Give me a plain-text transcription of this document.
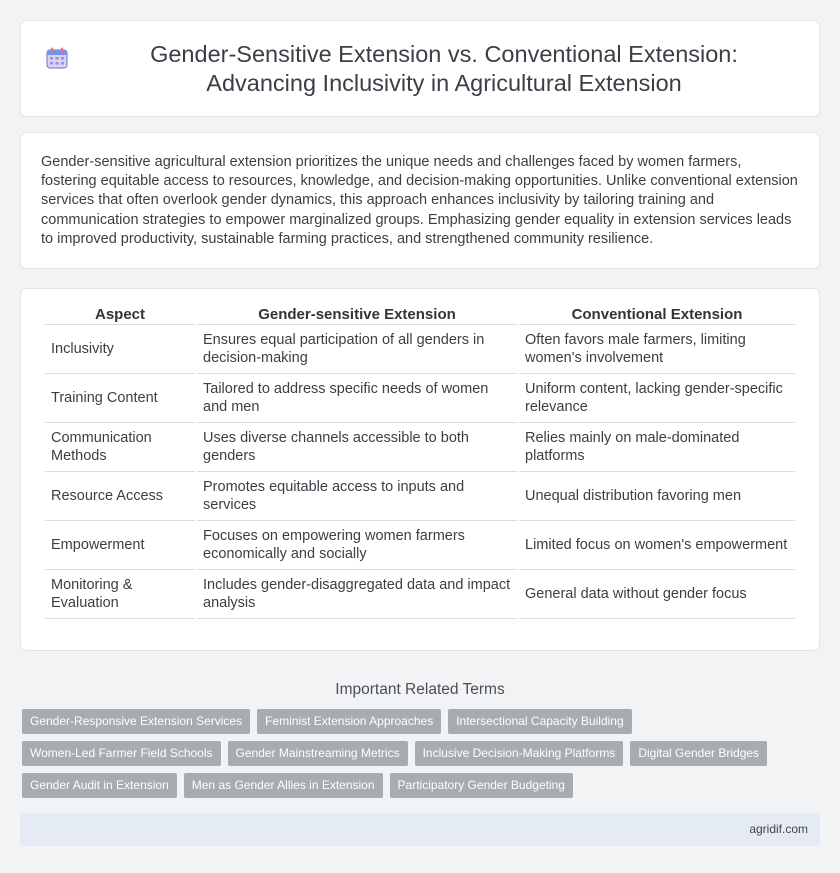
Gender-Sensitive Extension vs. Conventional Extension: Advancing Inclusivity in Agricultural Extension

Gender-sensitive agricultural extension prioritizes the unique needs and challenges faced by women farmers, fostering equitable access to resources, knowledge, and decision-making opportunities. Unlike conventional extension services that often overlook gender dynamics, this approach enhances inclusivity by tailoring training and communication strategies to empower marginalized groups. Emphasizing gender equality in extension services leads to improved productivity, sustainable farming practices, and strengthened community resilience.

Aspect	Gender-sensitive Extension	Conventional Extension
Inclusivity	Ensures equal participation of all genders in decision-making	Often favors male farmers, limiting women's involvement
Training Content	Tailored to address specific needs of women and men	Uniform content, lacking gender-specific relevance
Communication Methods	Uses diverse channels accessible to both genders	Relies mainly on male-dominated platforms
Resource Access	Promotes equitable access to inputs and services	Unequal distribution favoring men
Empowerment	Focuses on empowering women farmers economically and socially	Limited focus on women's empowerment
Monitoring & Evaluation	Includes gender-disaggregated data and impact analysis	General data without gender focus
Important Related Terms
Gender-Responsive Extension Services	Feminist Extension Approaches	Intersectional Capacity Building
Women-Led Farmer Field Schools	Gender Mainstreaming Metrics	Inclusive Decision-Making Platforms	Digital Gender Bridges
Gender Audit in Extension	Men as Gender Allies in Extension	Participatory Gender Budgeting
agridif.com
